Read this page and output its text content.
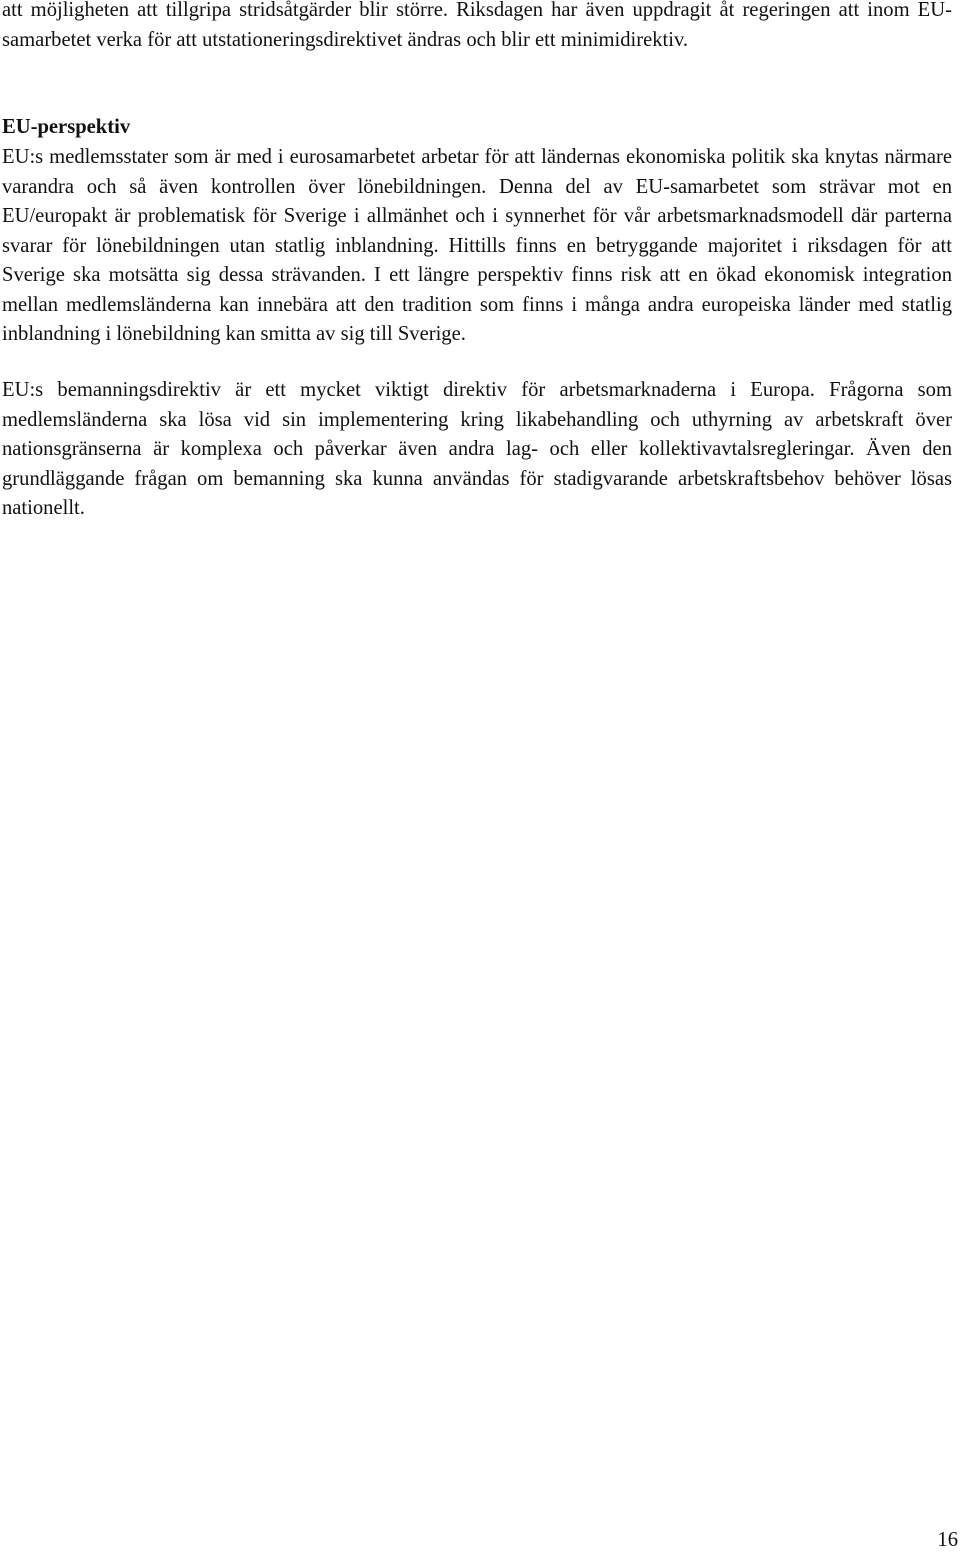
att möjligheten att tillgripa stridsåtgärder blir större. Riksdagen har även uppdragit åt regeringen att inom EU-samarbetet verka för att utstationeringsdirektivet ändras och blir ett minimidirektiv.

EU-perspektiv

EU:s medlemsstater som är med i eurosamarbetet arbetar för att ländernas ekonomiska politik ska knytas närmare varandra och så även kontrollen över lönebildningen. Denna del av EU-samarbetet som strävar mot en EU/europakt är problematisk för Sverige i allmänhet och i synnerhet för vår arbetsmarknadsmodell där parterna svarar för lönebildningen utan statlig inblandning. Hittills finns en betryggande majoritet i riksdagen för att Sverige ska motsätta sig dessa strävanden. I ett längre perspektiv finns risk att en ökad ekonomisk integration mellan medlemsländerna kan innebära att den tradition som finns i många andra europeiska länder med statlig inblandning i lönebildning kan smitta av sig till Sverige.

EU:s bemanningsdirektiv är ett mycket viktigt direktiv för arbetsmarknaderna i Europa. Frågorna som medlemsländerna ska lösa vid sin implementering kring likabehandling och uthyrning av arbetskraft över nationsgränserna är komplexa och påverkar även andra lag- och eller kollektivavtalsregleringar. Även den grundläggande frågan om bemanning ska kunna användas för stadigvarande arbetskraftsbehov behöver lösas nationellt.

16
